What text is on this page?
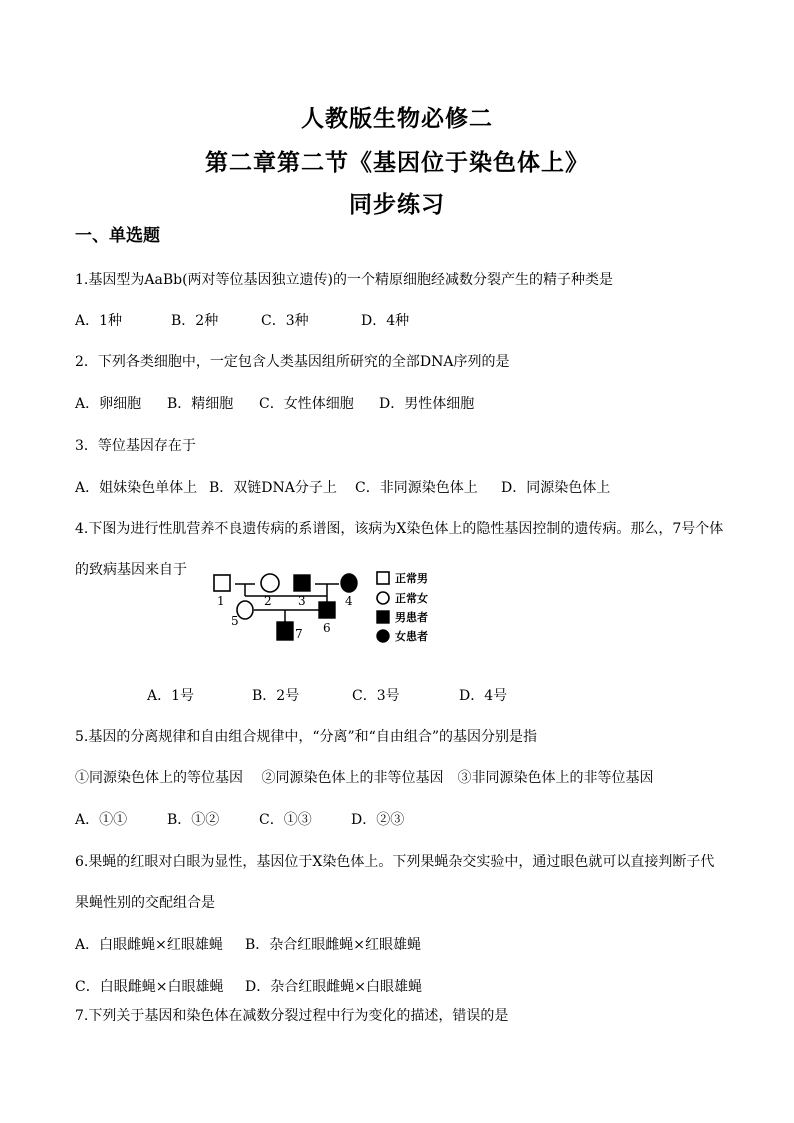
人教版生物必修二
第二章第二节《基因位于染色体上》
同步练习
一、单选题
1.基因型为AaBb(两对等位基因独立遗传)的一个精原细胞经减数分裂产生的精子种类是
A．1种	B．2种	C．3种	D．4种
2．下列各类细胞中，一定包含人类基因组所研究的全部DNA序列的是
A．卵细胞 B．精细胞 C．女性体细胞 D．男性体细胞
3．等位基因存在于
A．姐妹染色单体上 B．双链DNA分子上 C．非同源染色体上 D．同源染色体上
4.下图为进行性肌营养不良遗传病的系谱图，该病为X染色体上的隐性基因控制的遗传病。那么，7号个体
的致病基因来自于
1	2 3	4
5	6
7
正常男
正常女
男患者
女患者
A．1号	B．2号	C．3号	D．4号
5.基因的分离规律和自由组合规律中，“分离”和“自由组合”的基因分别是指
①同源染色体上的等位基因　 ②同源染色体上的非等位基因　③非同源染色体上的非等位基因
A．①①	B．①②	C．①③	D．②③
6.果蝇的红眼对白眼为显性，基因位于X染色体上。下列果蝇杂交实验中，通过眼色就可以直接判断子代
果蝇性别的交配组合是
A．白眼雌蝇×红眼雄蝇 B．杂合红眼雌蝇×红眼雄蝇
C．白眼雌蝇×白眼雄蝇 D．杂合红眼雌蝇×白眼雄蝇
7.下列关于基因和染色体在减数分裂过程中行为变化的描述，错误的是
